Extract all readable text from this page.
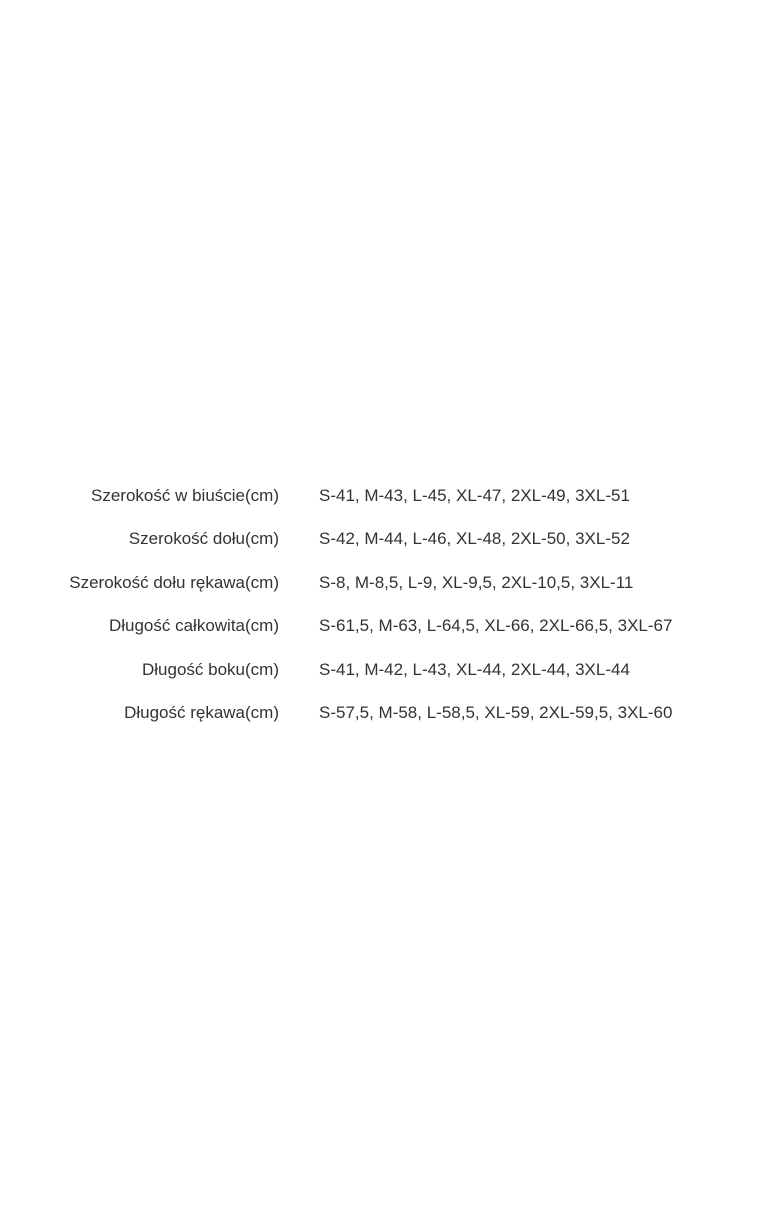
Szerokość w biuście(cm) S-41, M-43, L-45, XL-47, 2XL-49, 3XL-51
Szerokość dołu(cm) S-42, M-44, L-46, XL-48, 2XL-50, 3XL-52
Szerokość dołu rękawa(cm) S-8, M-8,5, L-9, XL-9,5, 2XL-10,5, 3XL-11
Długość całkowita(cm) S-61,5, M-63, L-64,5, XL-66, 2XL-66,5, 3XL-67
Długość boku(cm) S-41, M-42, L-43, XL-44, 2XL-44, 3XL-44
Długość rękawa(cm) S-57,5, M-58, L-58,5, XL-59, 2XL-59,5, 3XL-60
